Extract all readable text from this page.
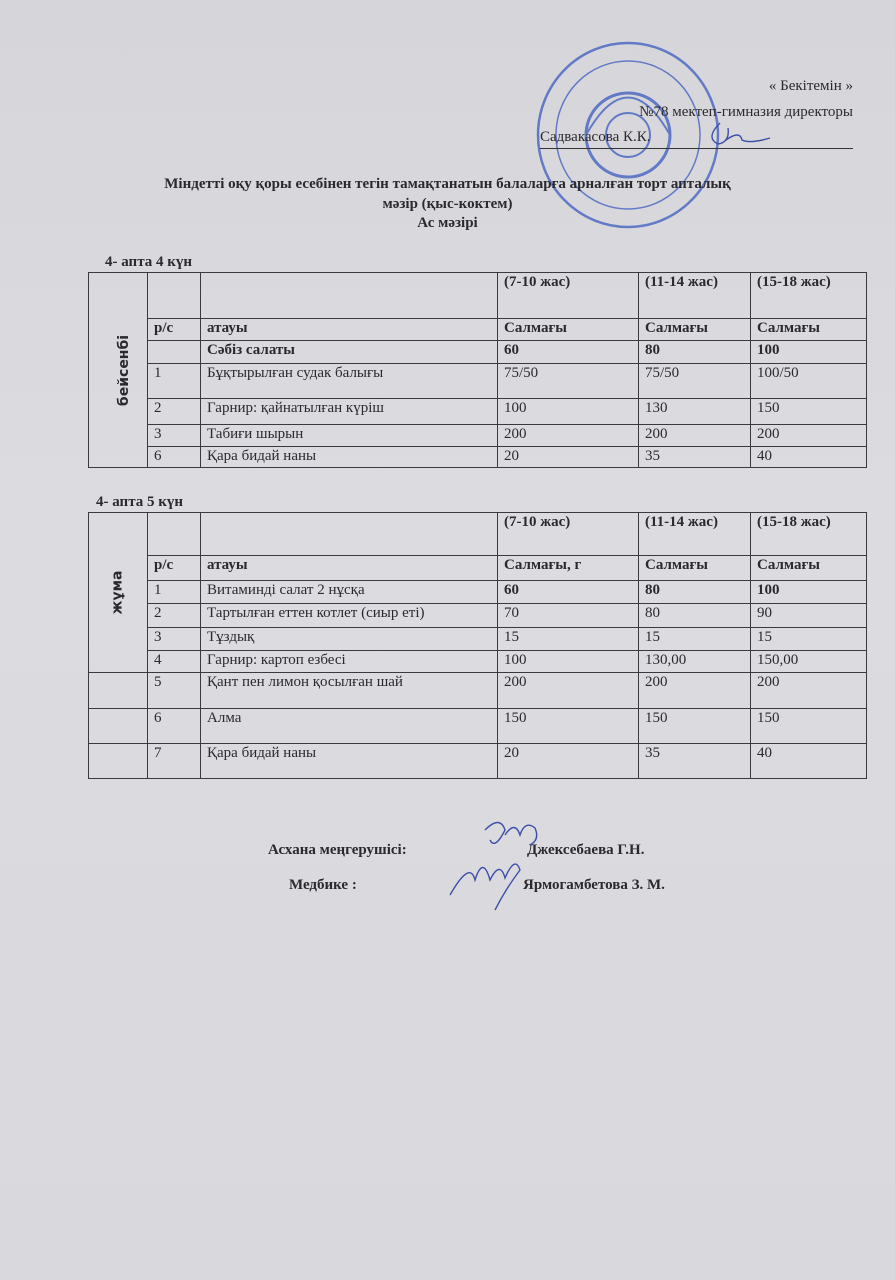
« Бекітемін »
№78 мектеп-гимназия директоры
Садвакасова К.К.
Міндетті оқу қоры есебінен тегін тамақтанатын балаларға арналған торт апталық
мәзір (қыс-коктем)
Ас мәзірі
4- апта 4 күн
бейсенбі			(7-10 жас)	(11-14 жас)	(15-18 жас)
	р/с	атауы	Салмағы	Салмағы	Салмағы
		Сәбіз салаты	60	80	100
	1	Бұқтырылған судак балығы	75/50	75/50	100/50
	2	Гарнир: қайнатылған күріш	100	130	150
	3	Табиғи шырын	200	200	200
	6	Қара бидай наны	20	35	40
4- апта 5 күн
жұма			(7-10 жас)	(11-14 жас)	(15-18 жас)
	р/с	атауы	Салмағы, г	Салмағы	Салмағы
	1	Витаминді салат 2 нұсқа	60	80	100
	2	Тартылған еттен котлет (сиыр еті)	70	80	90
	3	Тұздық	15	15	15
	4	Гарнир: картоп езбесі	100	130,00	150,00
	5	Қант пен лимон қосылған шай	200	200	200
	6	Алма	150	150	150
	7	Қара бидай наны	20	35	40
Асхана меңгерушісі:	Джексебаева Г.Н.
Медбике :	Ярмогамбетова З. М.
